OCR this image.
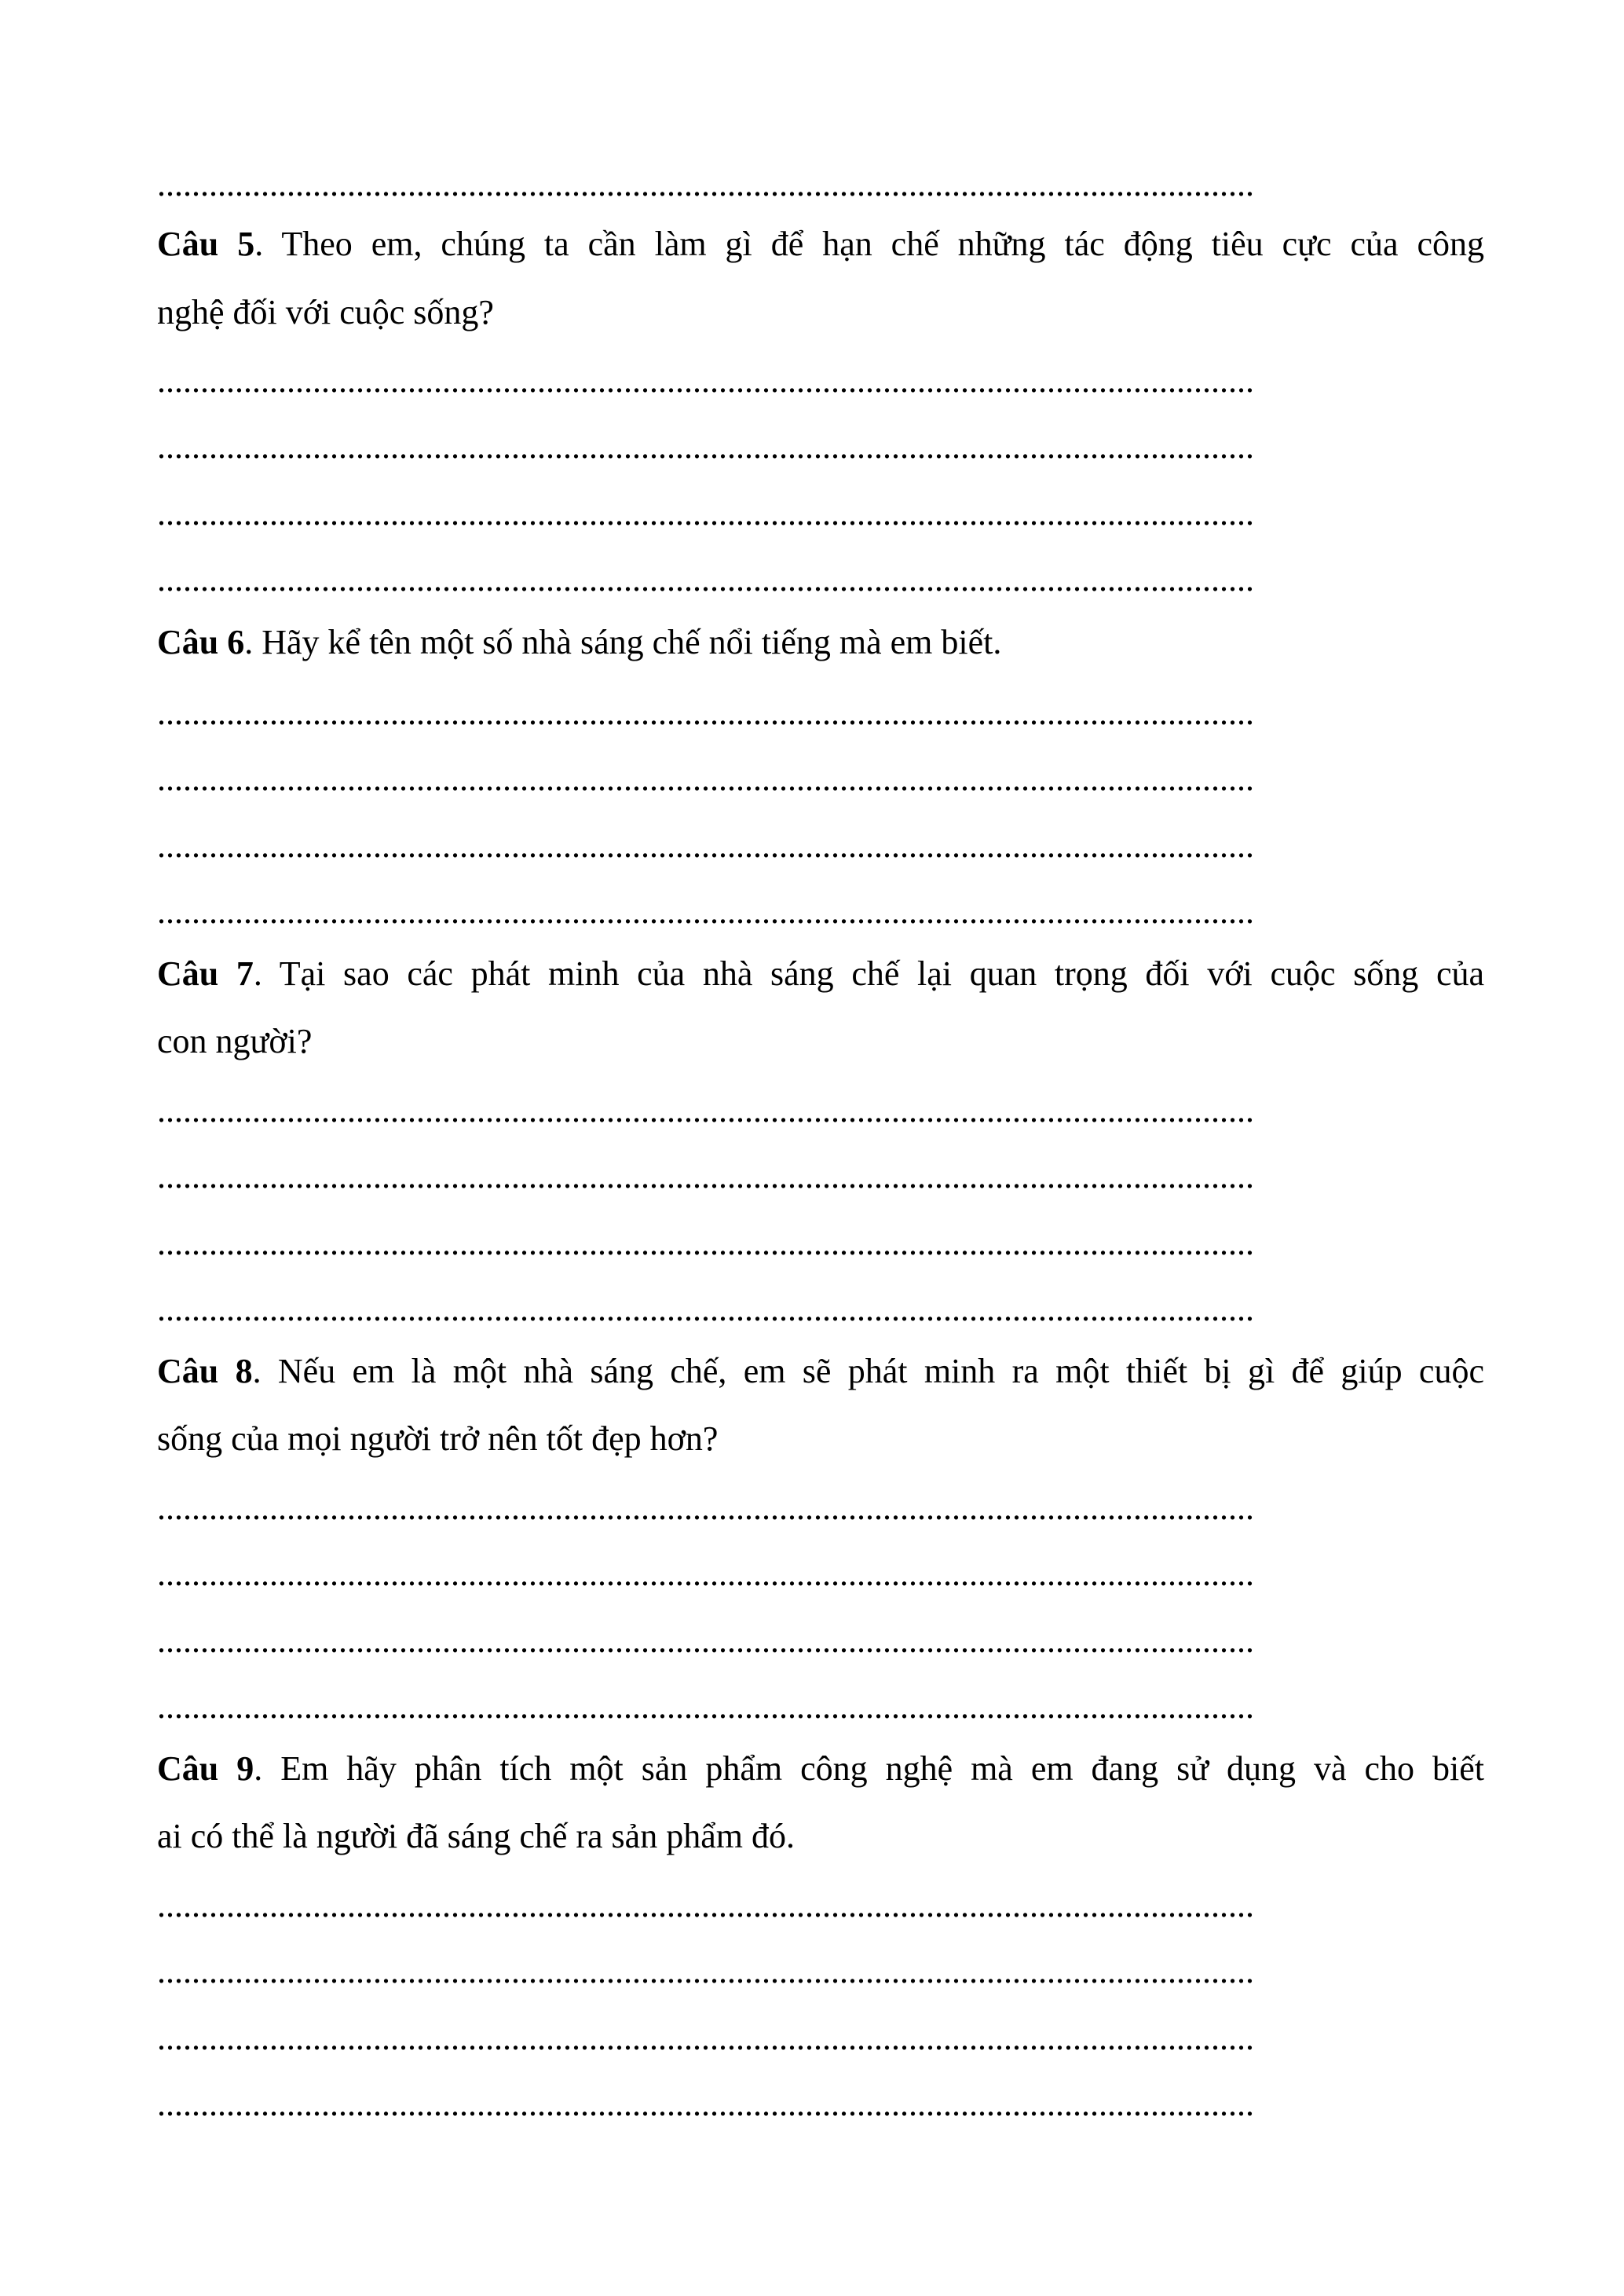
...............................................................................................................................
Câu 5. Theo em, chúng ta cần làm gì để hạn chế những tác động tiêu cực của công
nghệ đối với cuộc sống?
...............................................................................................................................
...............................................................................................................................
...............................................................................................................................
...............................................................................................................................
Câu 6. Hãy kể tên một số nhà sáng chế nổi tiếng mà em biết.
...............................................................................................................................
...............................................................................................................................
...............................................................................................................................
...............................................................................................................................
Câu 7. Tại sao các phát minh của nhà sáng chế lại quan trọng đối với cuộc sống của
con người?
...............................................................................................................................
...............................................................................................................................
...............................................................................................................................
...............................................................................................................................
Câu 8. Nếu em là một nhà sáng chế, em sẽ phát minh ra một thiết bị gì để giúp cuộc
sống của mọi người trở nên tốt đẹp hơn?
...............................................................................................................................
...............................................................................................................................
...............................................................................................................................
...............................................................................................................................
Câu 9. Em hãy phân tích một sản phẩm công nghệ mà em đang sử dụng và cho biết
ai có thể là người đã sáng chế ra sản phẩm đó.
...............................................................................................................................
...............................................................................................................................
...............................................................................................................................
...............................................................................................................................
